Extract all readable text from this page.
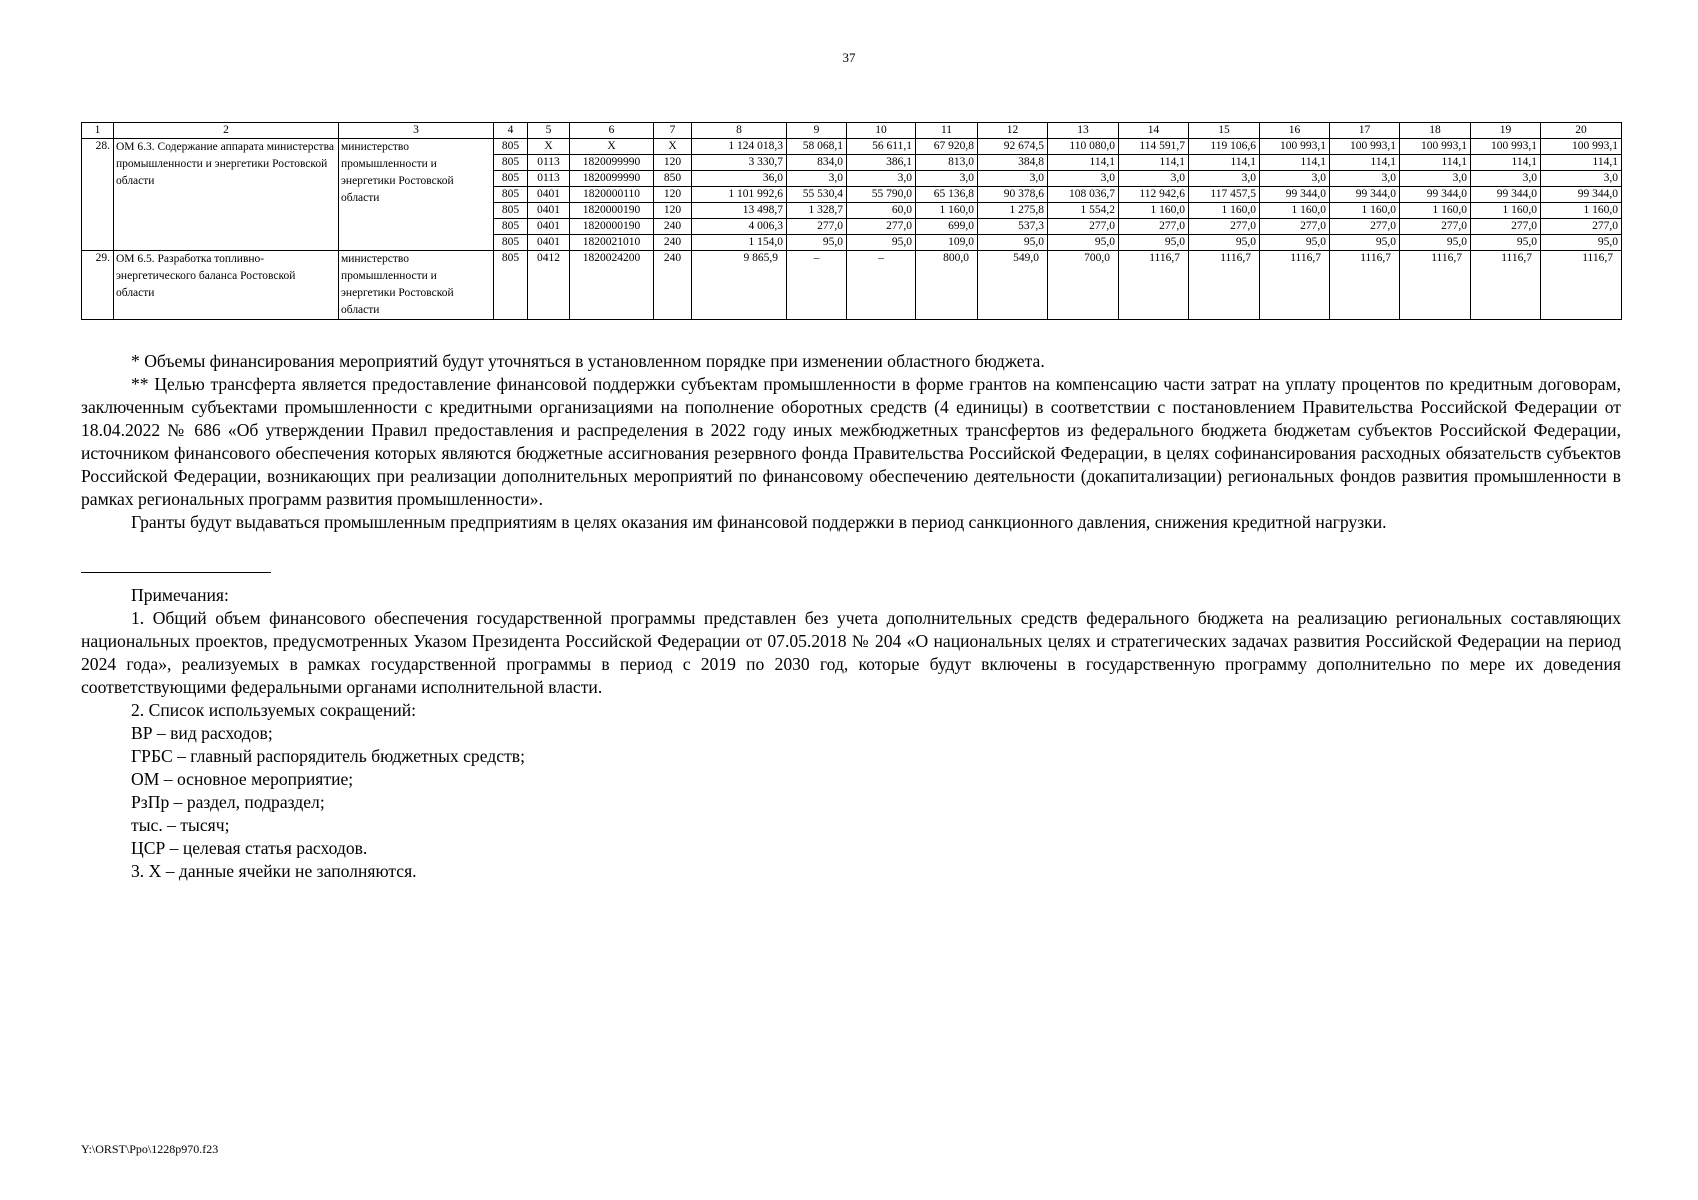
37
1	2	3	4	5	6	7	8	9	10	11	12	13	14	15	16	17	18	19	20
28.	ОМ 6.3. Содержание аппарата министерства промышленности и энергетики Ростовской области	министерство промышленности и энергетики Ростовской области	805	Х	Х	Х	1 124 018,3	58 068,1	56 611,1	67 920,8	92 674,5	110 080,0	114 591,7	119 106,6	100 993,1	100 993,1	100 993,1	100 993,1	100 993,1
			805	0113	1820099990	120	3 330,7	834,0	386,1	813,0	384,8	114,1	114,1	114,1	114,1	114,1	114,1	114,1	114,1
			805	0113	1820099990	850	36,0	3,0	3,0	3,0	3,0	3,0	3,0	3,0	3,0	3,0	3,0	3,0	3,0
			805	0401	1820000110	120	1 101 992,6	55 530,4	55 790,0	65 136,8	90 378,6	108 036,7	112 942,6	117 457,5	99 344,0	99 344,0	99 344,0	99 344,0	99 344,0
			805	0401	1820000190	120	13 498,7	1 328,7	60,0	1 160,0	1 275,8	1 554,2	1 160,0	1 160,0	1 160,0	1 160,0	1 160,0	1 160,0	1 160,0
			805	0401	1820000190	240	4 006,3	277,0	277,0	699,0	537,3	277,0	277,0	277,0	277,0	277,0	277,0	277,0	277,0
			805	0401	1820021010	240	1 154,0	95,0	95,0	109,0	95,0	95,0	95,0	95,0	95,0	95,0	95,0	95,0	95,0
29.	ОМ 6.5. Разработка топливно-энергетического баланса Ростовской области	министерство промышленности и энергетики Ростовской области	805	0412	1820024200	240	9 865,9	–	–	800,0	549,0	700,0	1116,7	1116,7	1116,7	1116,7	1116,7	1116,7	1116,7

* Объемы финансирования мероприятий будут уточняться в установленном порядке при изменении областного бюджета.

** Целью трансферта является предоставление финансовой поддержки субъектам промышленности в форме грантов на компенсацию части затрат на уплату процентов по кредитным договорам, заключенным субъектами промышленности с кредитными организациями на пополнение оборотных средств (4 единицы) в соответствии с постановлением Правительства Российской Федерации от 18.04.2022 № 686 «Об утверждении Правил предоставления и распределения в 2022 году иных межбюджетных трансфертов из федерального бюджета бюджетам субъектов Российской Федерации, источником финансового обеспечения которых являются бюджетные ассигнования резервного фонда Правительства Российской Федерации, в целях софинансирования расходных обязательств субъектов Российской Федерации, возникающих при реализации дополнительных мероприятий по финансовому обеспечению деятельности (докапитализации) региональных фондов развития промышленности в рамках региональных программ развития промышленности».

Гранты будут выдаваться промышленным предприятиям в целях оказания им финансовой поддержки в период санкционного давления, снижения кредитной нагрузки.

Примечания:

1. Общий объем финансового обеспечения государственной программы представлен без учета дополнительных средств федерального бюджета на реализацию региональных составляющих национальных проектов, предусмотренных Указом Президента Российской Федерации от 07.05.2018 № 204 «О национальных целях и стратегических задачах развития Российской Федерации на период 2024 года», реализуемых в рамках государственной программы в период с 2019 по 2030 год, которые будут включены в государственную программу дополнительно по мере их доведения соответствующими федеральными органами исполнительной власти.

2. Список используемых сокращений:

ВР – вид расходов;

ГРБС – главный распорядитель бюджетных средств;

ОМ – основное мероприятие;

РзПр – раздел, подраздел;

тыс. – тысяч;

ЦСР – целевая статья расходов.

3. Х – данные ячейки не заполняются.

Y:\ORST\Ppo\1228p970.f23
